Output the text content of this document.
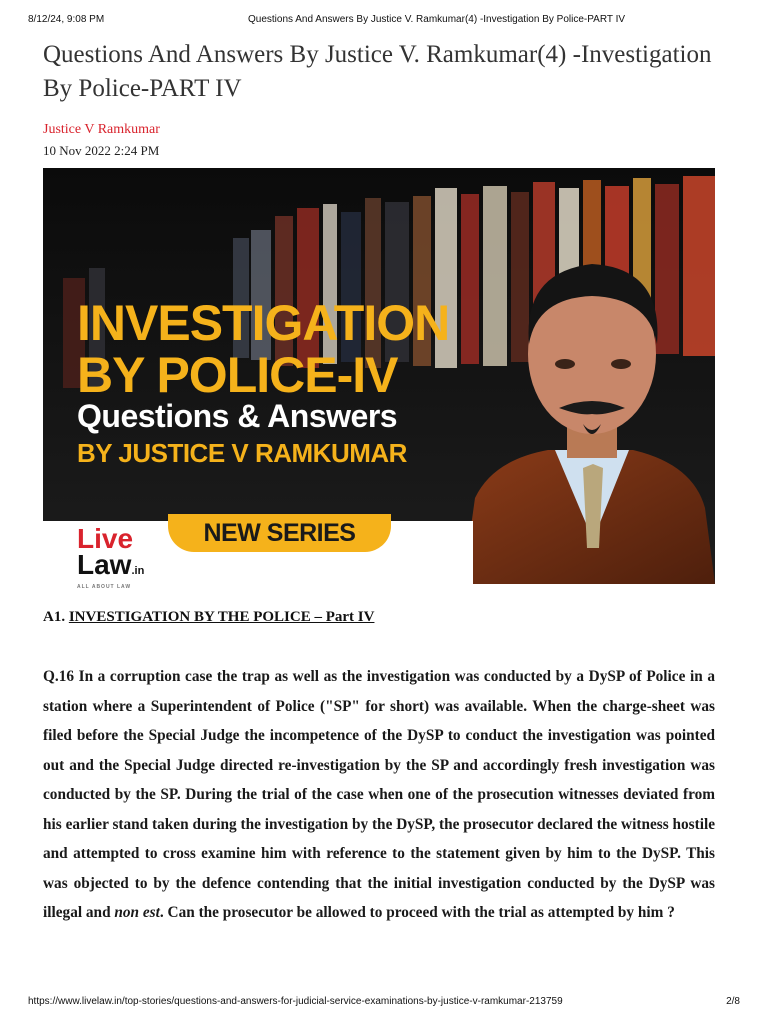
8/12/24, 9:08 PM	Questions And Answers By Justice V. Ramkumar(4) -Investigation By Police-PART IV
Questions And Answers By Justice V. Ramkumar(4) -Investigation By Police-PART IV
Justice V Ramkumar
10 Nov 2022 2:24 PM
INVESTIGATION
BY POLICE-IV
Questions & Answers
BY JUSTICE V RAMKUMAR
NEW SERIES
Live
Law.in
ALL ABOUT LAW
A1. INVESTIGATION BY THE POLICE – Part IV

Q.16 In a corruption case the trap as well as the investigation was conducted by a DySP of Police in a station where a Superintendent of Police ("SP" for short) was available. When the charge-sheet was filed before the Special Judge the incompetence of the DySP to conduct the investigation was pointed out and the Special Judge directed re-investigation by the SP and accordingly fresh investigation was conducted by the SP. During the trial of the case when one of the prosecution witnesses deviated from his earlier stand taken during the investigation by the DySP, the prosecutor declared the witness hostile and attempted to cross examine him with reference to the statement given by him to the DySP. This was objected to by the defence contending that the initial investigation conducted by the DySP was illegal and non est. Can the prosecutor be allowed to proceed with the trial as attempted by him ?

https://www.livelaw.in/top-stories/questions-and-answers-for-judicial-service-examinations-by-justice-v-ramkumar-213759	2/8
